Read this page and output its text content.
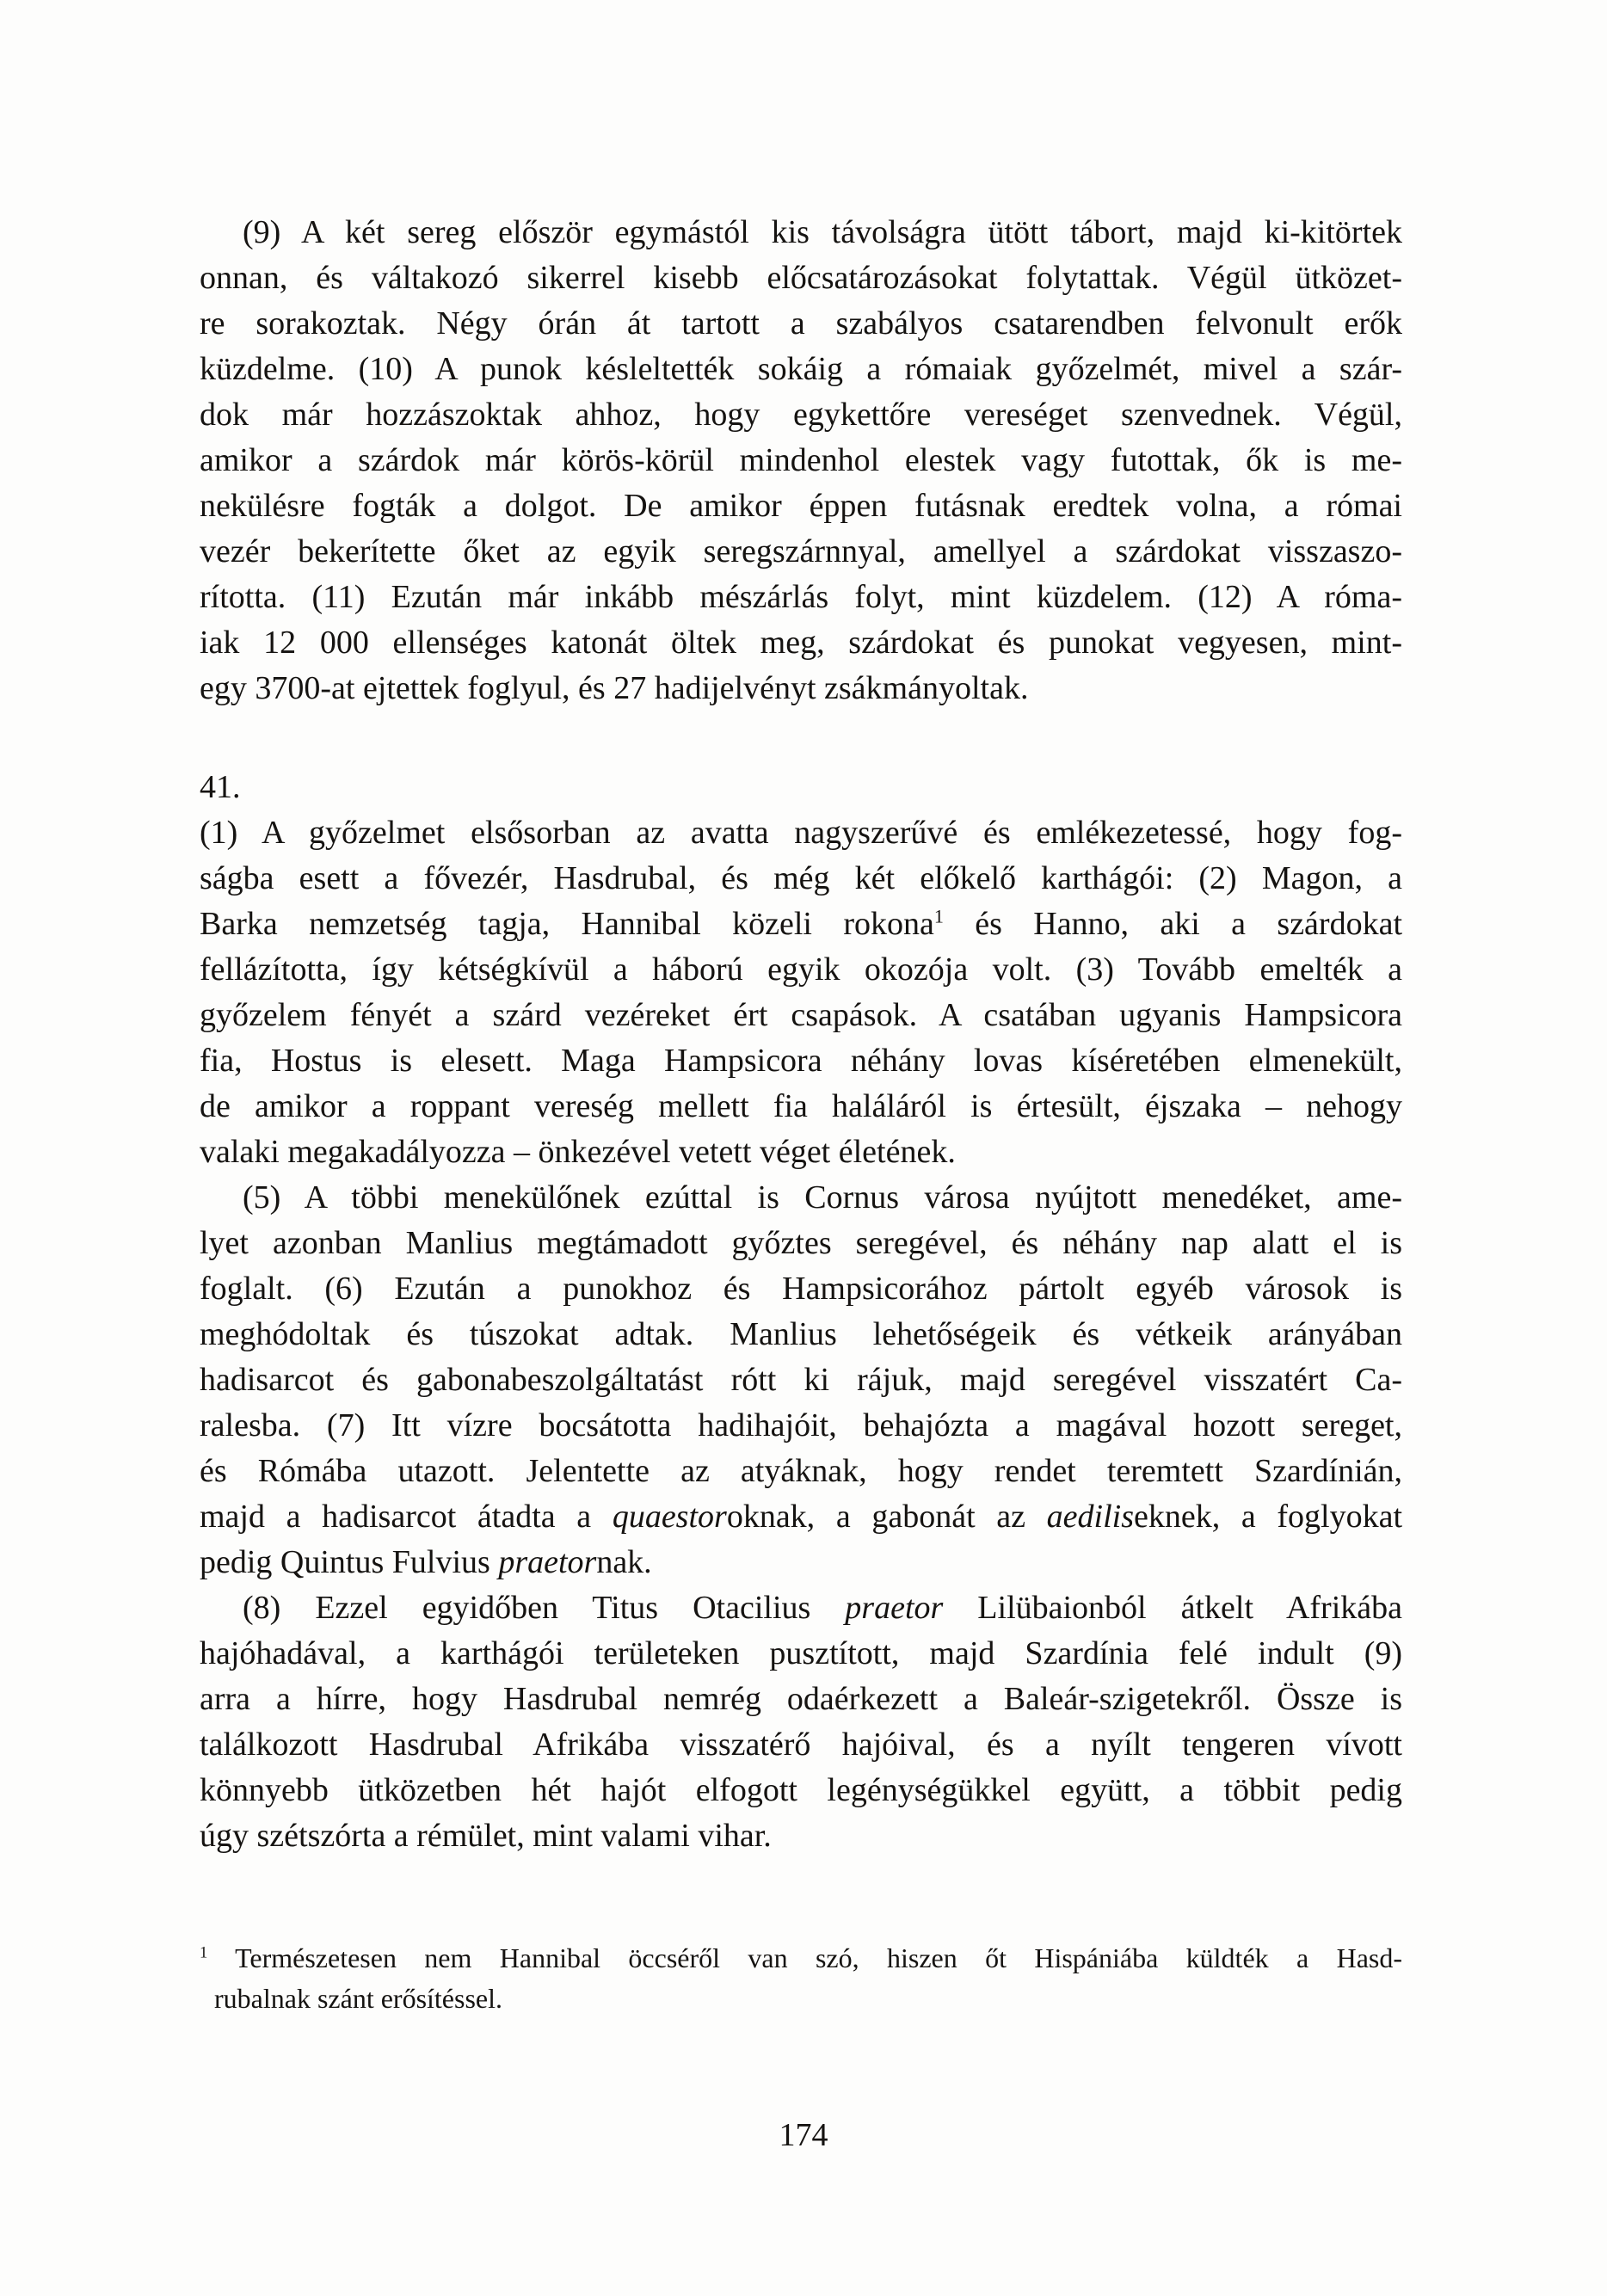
(9) A két sereg először egymástól kis távolságra ütött tábort, majd ki-kitörtek
onnan, és váltakozó sikerrel kisebb előcsatározásokat folytattak. Végül ütközet-
re sorakoztak. Négy órán át tartott a szabályos csatarendben felvonult erők
küzdelme. (10) A punok késleltették sokáig a rómaiak győzelmét, mivel a szár-
dok már hozzászoktak ahhoz, hogy egykettőre vereséget szenvednek. Végül,
amikor a szárdok már körös-körül mindenhol elestek vagy futottak, ők is me-
nekülésre fogták a dolgot. De amikor éppen futásnak eredtek volna, a római
vezér bekerítette őket az egyik seregszárnnyal, amellyel a szárdokat visszaszo-
rította. (11) Ezután már inkább mészárlás folyt, mint küzdelem. (12) A róma-
iak 12 000 ellenséges katonát öltek meg, szárdokat és punokat vegyesen, mint-
egy 3700-at ejtettek foglyul, és 27 hadijelvényt zsákmányoltak.
41.
(1) A győzelmet elsősorban az avatta nagyszerűvé és emlékezetessé, hogy fog-
ságba esett a fővezér, Hasdrubal, és még két előkelő karthágói: (2) Magon, a
Barka nemzetség tagja, Hannibal közeli rokona$^1$ és Hanno, aki a szárdokat
fellázította, így kétségkívül a háború egyik okozója volt. (3) Tovább emelték a
győzelem fényét a szárd vezéreket ért csapások. A csatában ugyanis Hampsicora
fia, Hostus is elesett. Maga Hampsicora néhány lovas kíséretében elmenekült,
de amikor a roppant vereség mellett fia haláláról is értesült, éjszaka – nehogy
valaki megakadályozza – önkezével vetett véget életének.
(5) A többi menekülőnek ezúttal is Cornus városa nyújtott menedéket, ame-
lyet azonban Manlius megtámadott győztes seregével, és néhány nap alatt el is
foglalt. (6) Ezután a punokhoz és Hampsicorához pártolt egyéb városok is
meghódoltak és túszokat adtak. Manlius lehetőségeik és vétkeik arányában
hadisarcot és gabonabeszolgáltatást rótt ki rájuk, majd seregével visszatért Ca-
ralesba. (7) Itt vízre bocsátotta hadihajóit, behajózta a magával hozott sereget,
és Rómába utazott. Jelentette az atyáknak, hogy rendet teremtett Szardínián,
majd a hadisarcot átadta a quaestoroknak, a gabonát az aediliseknek, a foglyokat
pedig Quintus Fulvius praetornak.
(8) Ezzel egyidőben Titus Otacilius praetor Lilübaionból átkelt Afrikába
hajóhadával, a karthágói területeken pusztított, majd Szardínia felé indult (9)
arra a hírre, hogy Hasdrubal nemrég odaérkezett a Baleár-szigetekről. Össze is
találkozott Hasdrubal Afrikába visszatérő hajóival, és a nyílt tengeren vívott
könnyebb ütközetben hét hajót elfogott legénységükkel együtt, a többit pedig
úgy szétszórta a rémület, mint valami vihar.
$^1$ Természetesen nem Hannibal öccséről van szó, hiszen őt Hispániába küldték a Hasd-
rubalnak szánt erősítéssel.
174
